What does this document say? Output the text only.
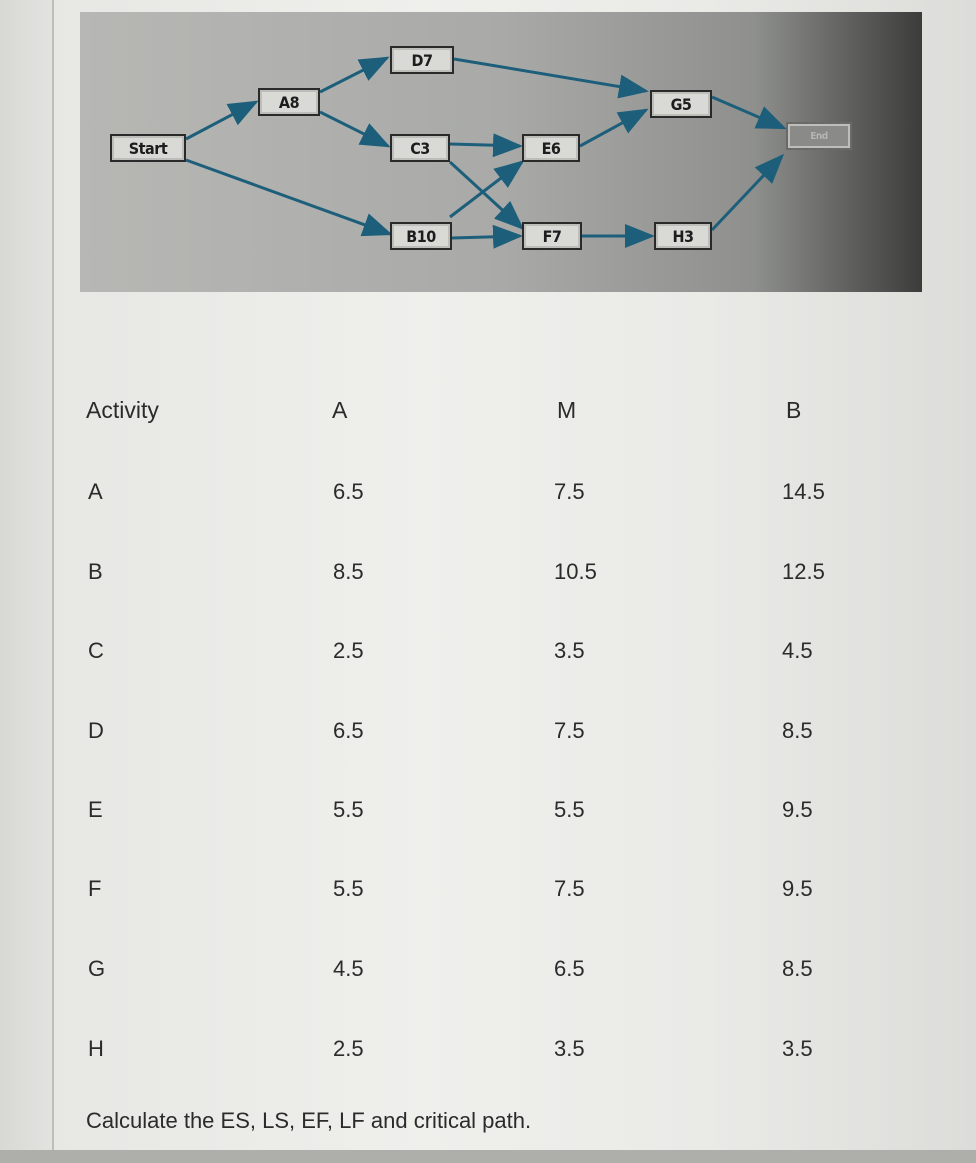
Start
A8
D7
C3
B10
E6
F7
G5
H3
End
Activity	A	M	B
A	6.5	7.5	14.5
B	8.5	10.5	12.5
C	2.5	3.5	4.5
D	6.5	7.5	8.5
E	5.5	5.5	9.5
F	5.5	7.5	9.5
G	4.5	6.5	8.5
H	2.5	3.5	3.5
Calculate the ES, LS, EF, LF and critical path.
